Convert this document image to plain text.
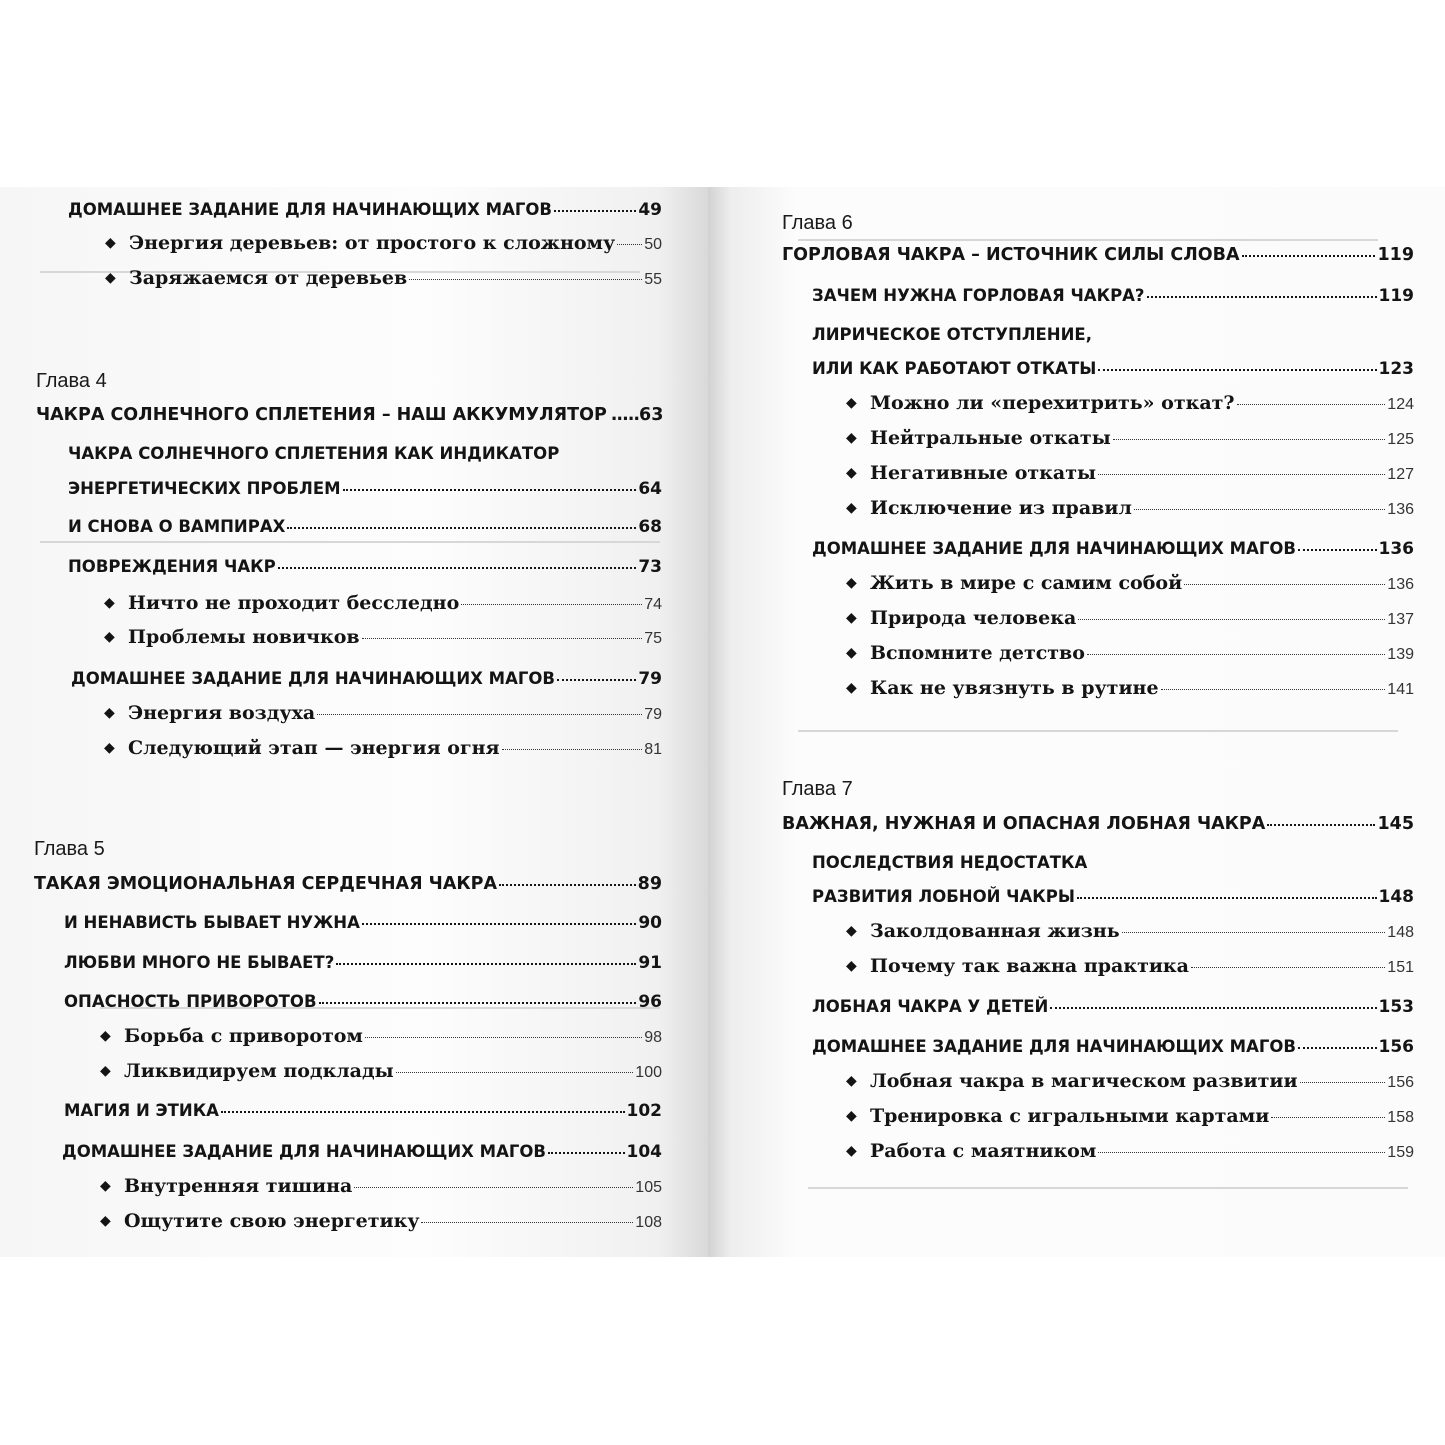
ДОМАШНЕЕ ЗАДАНИЕ ДЛЯ НАЧИНАЮЩИХ МАГОВ	49
◆ Энергия деревьев: от простого к сложному 50
◆ Заряжаемся от деревьев	55
Глава 4
ЧАКРА СОЛНЕЧНОГО СПЛЕТЕНИЯ – НАШ АККУМУЛЯТОР ..... 63
ЧАКРА СОЛНЕЧНОГО СПЛЕТЕНИЯ КАК ИНДИКАТОР
ЭНЕРГЕТИЧЕСКИХ ПРОБЛЕМ	64
И СНОВА О ВАМПИРАХ	68
ПОВРЕЖДЕНИЯ ЧАКР	73
◆ Ничто не проходит бесследно	74
◆ Проблемы новичков	75
ДОМАШНЕЕ ЗАДАНИЕ ДЛЯ НАЧИНАЮЩИХ МАГОВ	79
◆ Энергия воздуха	79
◆ Следующий этап — энергия огня	81
Глава 5
ТАКАЯ ЭМОЦИОНАЛЬНАЯ СЕРДЕЧНАЯ ЧАКРА	89
И НЕНАВИСТЬ БЫВАЕТ НУЖНА	90
ЛЮБВИ МНОГО НЕ БЫВАЕТ?	91
ОПАСНОСТЬ ПРИВОРОТОВ	96
◆ Борьба с приворотом	98
◆ Ликвидируем подклады	100
МАГИЯ И ЭТИКА	102
ДОМАШНЕЕ ЗАДАНИЕ ДЛЯ НАЧИНАЮЩИХ МАГОВ	104
◆ Внутренняя тишина	105
◆ Ощутите свою энергетику	108
Глава 6
ГОРЛОВАЯ ЧАКРА – ИСТОЧНИК СИЛЫ СЛОВА	119
ЗАЧЕМ НУЖНА ГОРЛОВАЯ ЧАКРА?	119
ЛИРИЧЕСКОЕ ОТСТУПЛЕНИЕ,
ИЛИ КАК РАБОТАЮТ ОТКАТЫ	123
◆ Можно ли «перехитрить» откат?	124
◆ Нейтральные откаты	125
◆ Негативные откаты	127
◆ Исключение из правил	136
ДОМАШНЕЕ ЗАДАНИЕ ДЛЯ НАЧИНАЮЩИХ МАГОВ	136
◆ Жить в мире с самим собой	136
◆ Природа человека	137
◆ Вспомните детство	139
◆ Как не увязнуть в рутине	141
Глава 7
ВАЖНАЯ, НУЖНАЯ И ОПАСНАЯ ЛОБНАЯ ЧАКРА	145
ПОСЛЕДСТВИЯ НЕДОСТАТКА
РАЗВИТИЯ ЛОБНОЙ ЧАКРЫ	148
◆ Заколдованная жизнь	148
◆ Почему так важна практика	151
ЛОБНАЯ ЧАКРА У ДЕТЕЙ	153
ДОМАШНЕЕ ЗАДАНИЕ ДЛЯ НАЧИНАЮЩИХ МАГОВ	156
◆ Лобная чакра в магическом развитии	156
◆ Тренировка с игральными картами	158
◆ Работа с маятником	159
